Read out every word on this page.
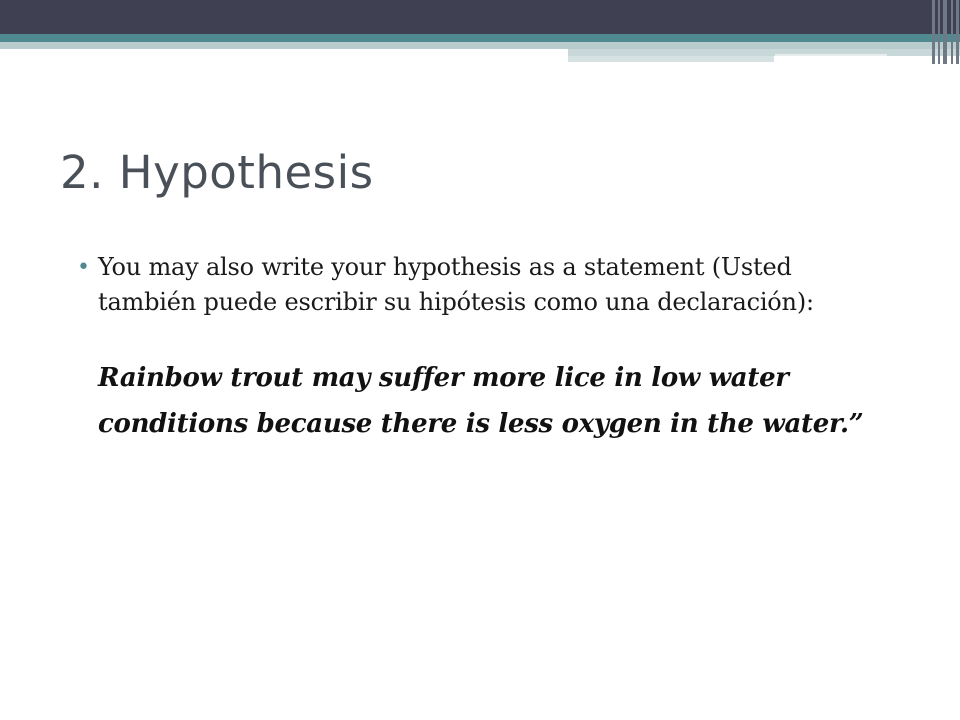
2. Hypothesis
• You may also write your hypothesis as a statement (Usted también puede escribir su hipótesis como una declaración):

Rainbow trout may suffer more lice in low water conditions because there is less oxygen in the water.”
